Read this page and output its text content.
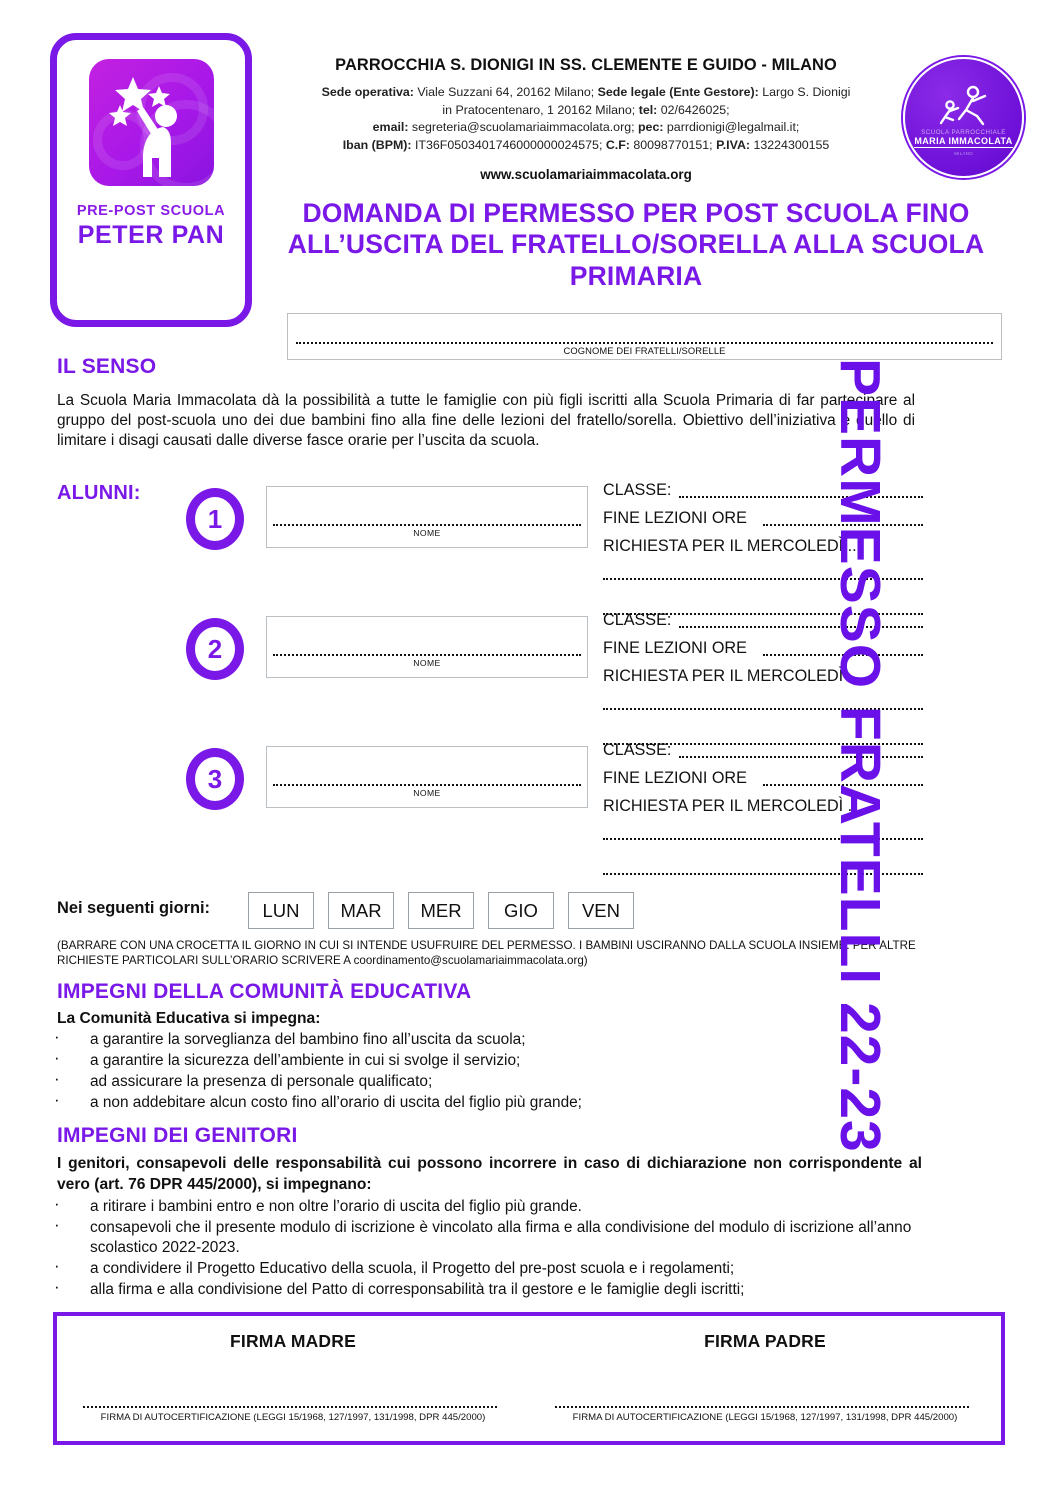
PRE-POST SCUOLA
PETER PAN
SCUOLA PARROCCHIALE
MARIA IMMACOLATA
MILANO
PARROCCHIA S. DIONIGI IN SS. CLEMENTE E GUIDO - MILANO
Sede operativa: Viale Suzzani 64, 20162 Milano; Sede legale (Ente Gestore): Largo S. Dionigi
in Pratocentenaro, 1 20162 Milano; tel: 02/6426025;
email: segreteria@scuolamariaimmacolata.org; pec: parrdionigi@legalmail.it;
Iban (BPM): IT36F0503401746000000024575; C.F: 80098770151; P.IVA: 13224300155
www.scuolamariaimmacolata.org
DOMANDA DI PERMESSO PER POST SCUOLA FINO ALL’USCITA DEL FRATELLO/SORELLA ALLA SCUOLA PRIMARIA
COGNOME DEI FRATELLI/SORELLE
IL SENSO
La Scuola Maria Immacolata dà la possibilità a tutte le famiglie con più figli iscritti alla Scuola Primaria di far partecipare al gruppo del post-scuola uno dei due bambini fino alla fine delle lezioni del fratello/sorella. Obiettivo dell’iniziativa è quello di limitare i disagi causati dalle diverse fasce orarie per l’uscita da scuola.
ALUNNI:
1	NOME
CLASSE:
FINE LEZIONI ORE
RICHIESTA PER IL MERCOLEDÌ ..
2	NOME
CLASSE:
FINE LEZIONI ORE
RICHIESTA PER IL MERCOLEDÌ ..
3	NOME
CLASSE:
FINE LEZIONI ORE
RICHIESTA PER IL MERCOLEDÌ ..
Nei seguenti giorni:	LUN	MAR	MER	GIO	VEN
(BARRARE CON UNA CROCETTA IL GIORNO IN CUI SI INTENDE USUFRUIRE DEL PERMESSO. I BAMBINI USCIRANNO DALLA SCUOLA INSIEME. PER ALTRE RICHIESTE PARTICOLARI SULL’ORARIO SCRIVERE A coordinamento@scuolamariaimmacolata.org)
IMPEGNI DELLA COMUNITÀ EDUCATIVA
La Comunità Educativa si impegna:
· a garantire la sorveglianza del bambino fino all’uscita da scuola;
· a garantire la sicurezza dell’ambiente in cui si svolge il servizio;
· ad assicurare la presenza di personale qualificato;
· a non addebitare alcun costo fino all’orario di uscita del figlio più grande;
IMPEGNI DEI GENITORI
I genitori, consapevoli delle responsabilità cui possono incorrere in caso di dichiarazione non corrispondente al vero (art. 76 DPR 445/2000), si impegnano:
· a ritirare i bambini entro e non oltre l’orario di uscita del figlio più grande.
· consapevoli che il presente modulo di iscrizione è vincolato alla firma e alla condivisione del modulo di iscrizione all’anno scolastico 2022-2023.
· a condividere il Progetto Educativo della scuola, il Progetto del pre-post scuola e i regolamenti;
· alla firma e alla condivisione del Patto di corresponsabilità tra il gestore e le famiglie degli iscritti;
FIRMA MADRE
FIRMA DI AUTOCERTIFICAZIONE (LEGGI 15/1968, 127/1997, 131/1998, DPR 445/2000)
FIRMA PADRE
FIRMA DI AUTOCERTIFICAZIONE (LEGGI 15/1968, 127/1997, 131/1998, DPR 445/2000)
PERMESSO FRATELLI 22-23
